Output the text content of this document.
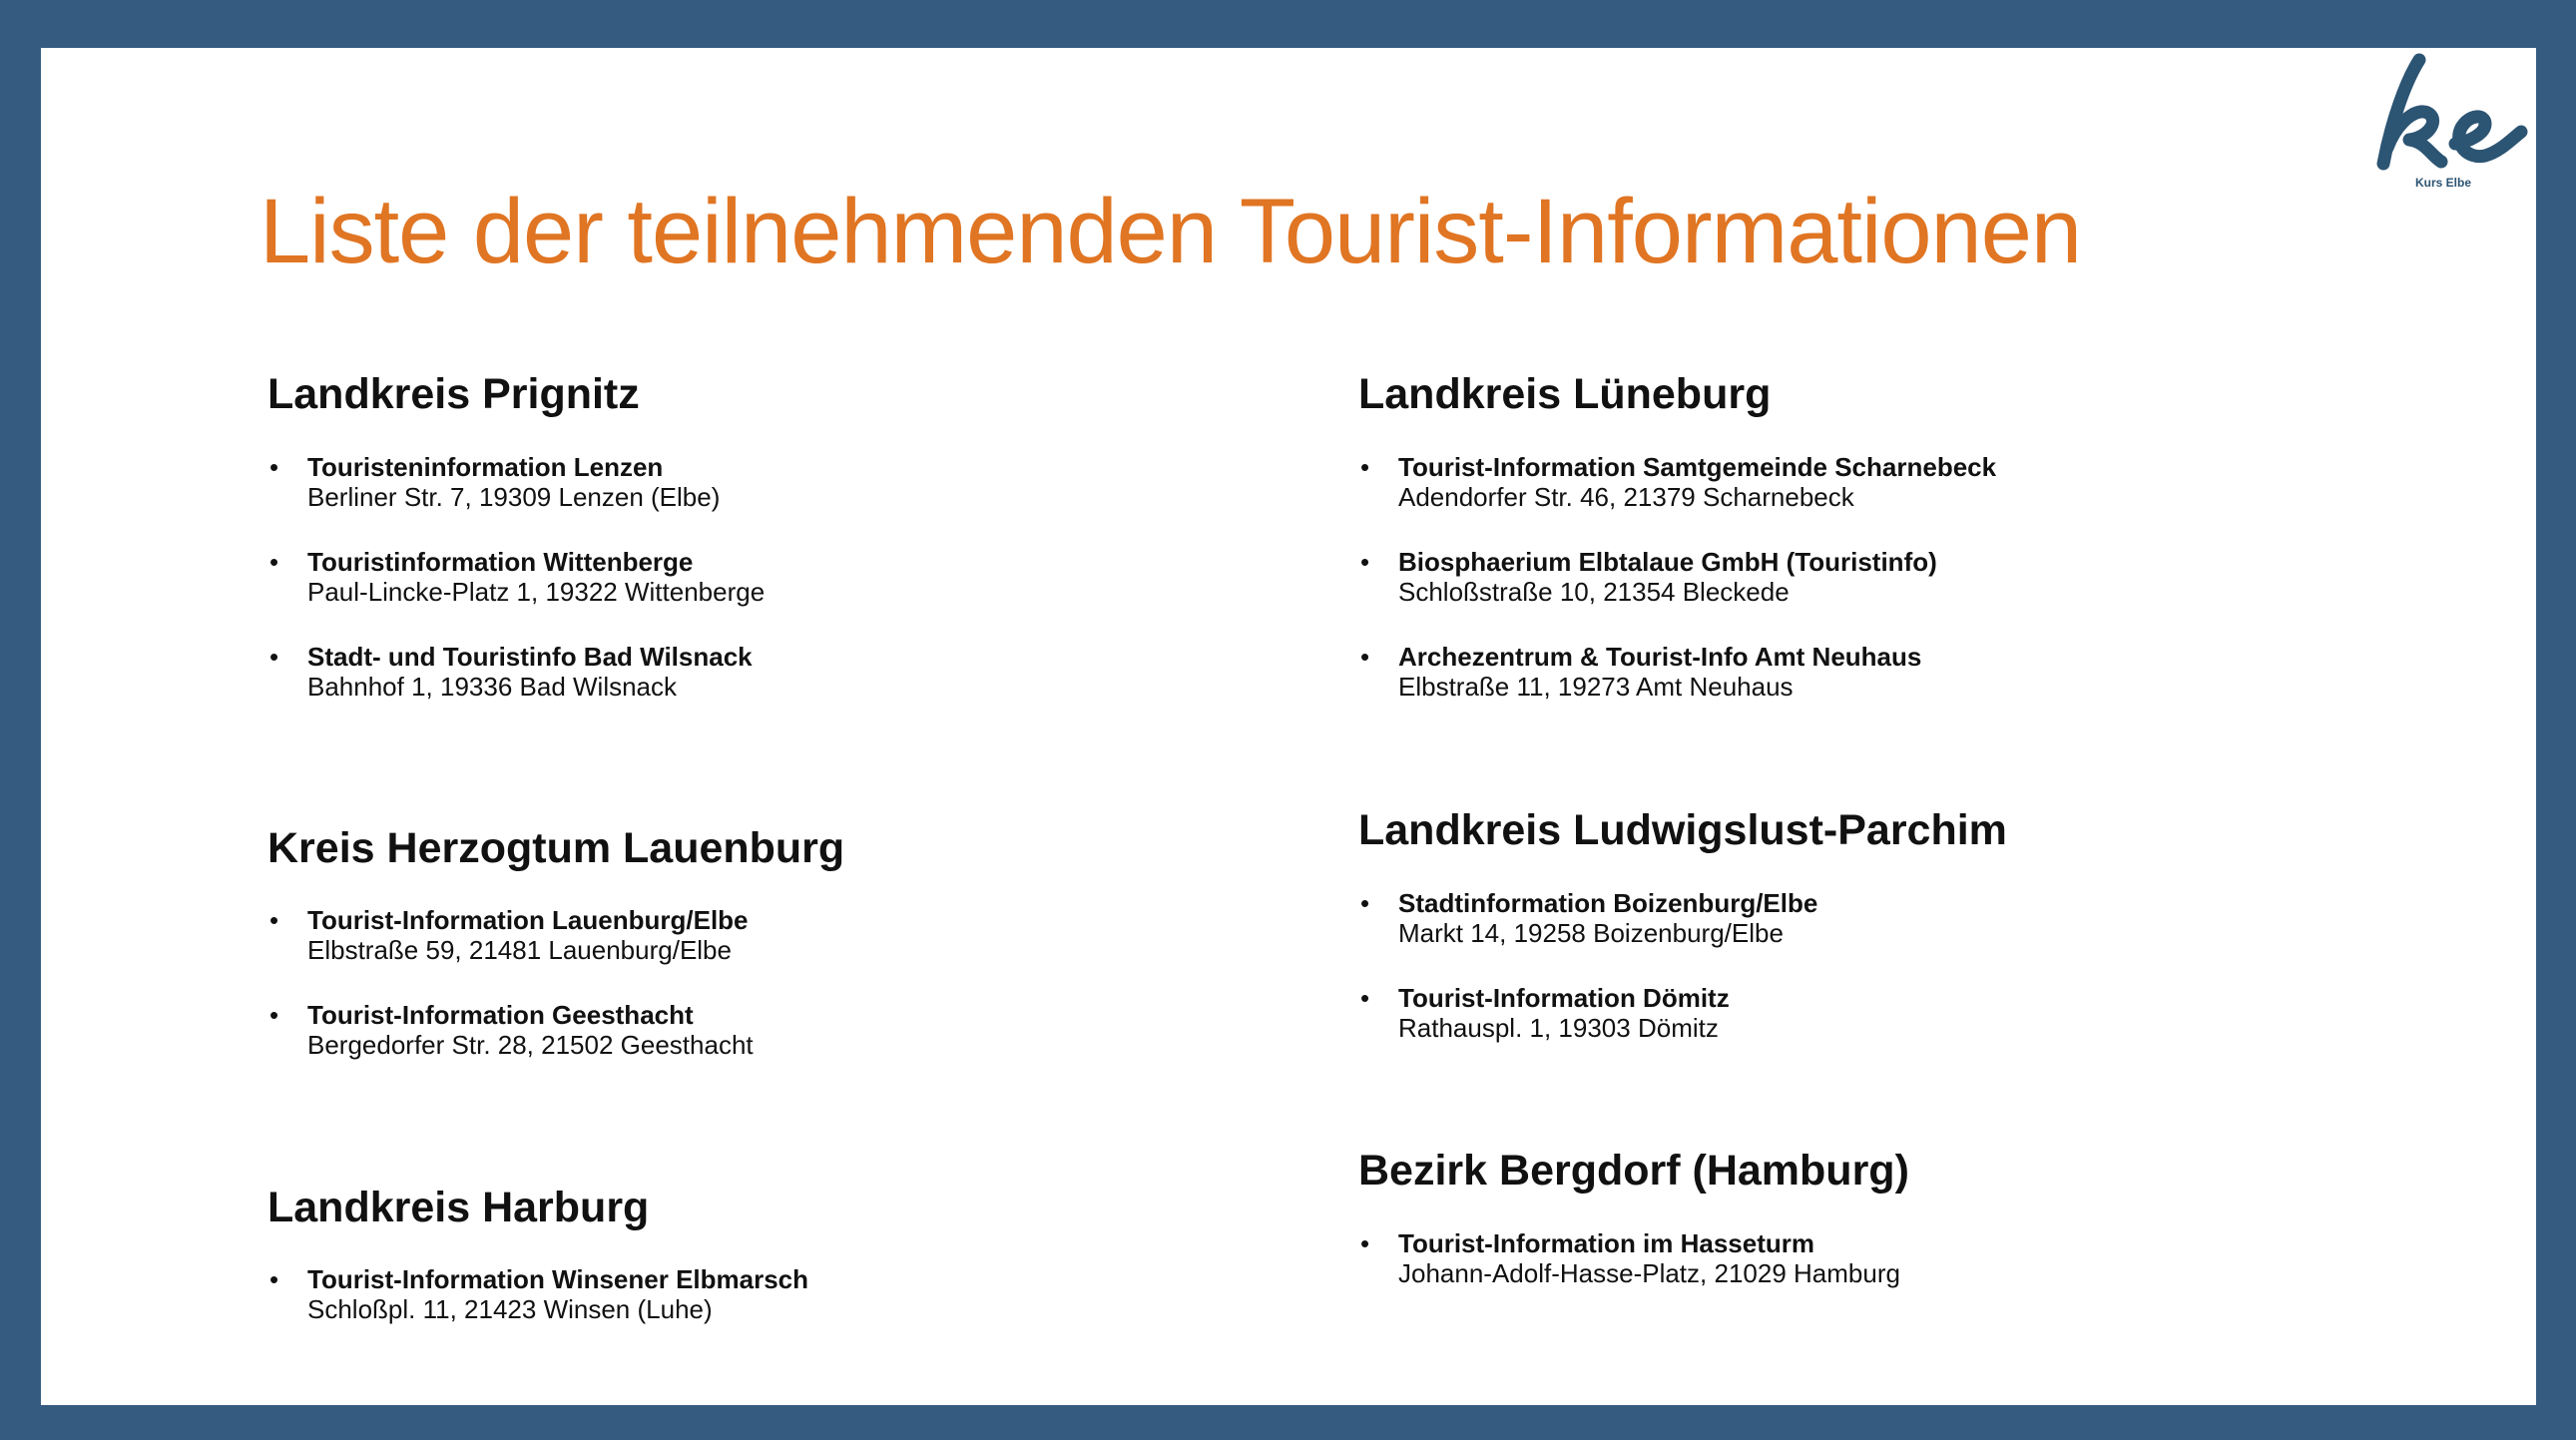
Kurs Elbe
Liste der teilnehmenden Tourist-Informationen
Landkreis Prignitz
• Touristeninformation Lenzen
Berliner Str. 7, 19309 Lenzen (Elbe)
• Touristinformation Wittenberge
Paul-Lincke-Platz 1, 19322 Wittenberge
• Stadt- und Touristinfo Bad Wilsnack
Bahnhof 1, 19336 Bad Wilsnack
Kreis Herzogtum Lauenburg
• Tourist-Information Lauenburg/Elbe
Elbstraße 59, 21481 Lauenburg/Elbe
• Tourist-Information Geesthacht
Bergedorfer Str. 28, 21502 Geesthacht
Landkreis Harburg
• Tourist-Information Winsener Elbmarsch
Schloßpl. 11, 21423 Winsen (Luhe)
Landkreis Lüneburg
• Tourist-Information Samtgemeinde Scharnebeck
Adendorfer Str. 46, 21379 Scharnebeck
• Biosphaerium Elbtalaue GmbH (Touristinfo)
Schloßstraße 10, 21354 Bleckede
• Archezentrum & Tourist-Info Amt Neuhaus
Elbstraße 11, 19273 Amt Neuhaus
Landkreis Ludwigslust-Parchim
• Stadtinformation Boizenburg/Elbe
Markt 14, 19258 Boizenburg/Elbe
• Tourist-Information Dömitz
Rathauspl. 1, 19303 Dömitz
Bezirk Bergdorf (Hamburg)
• Tourist-Information im Hasseturm
Johann-Adolf-Hasse-Platz, 21029 Hamburg
